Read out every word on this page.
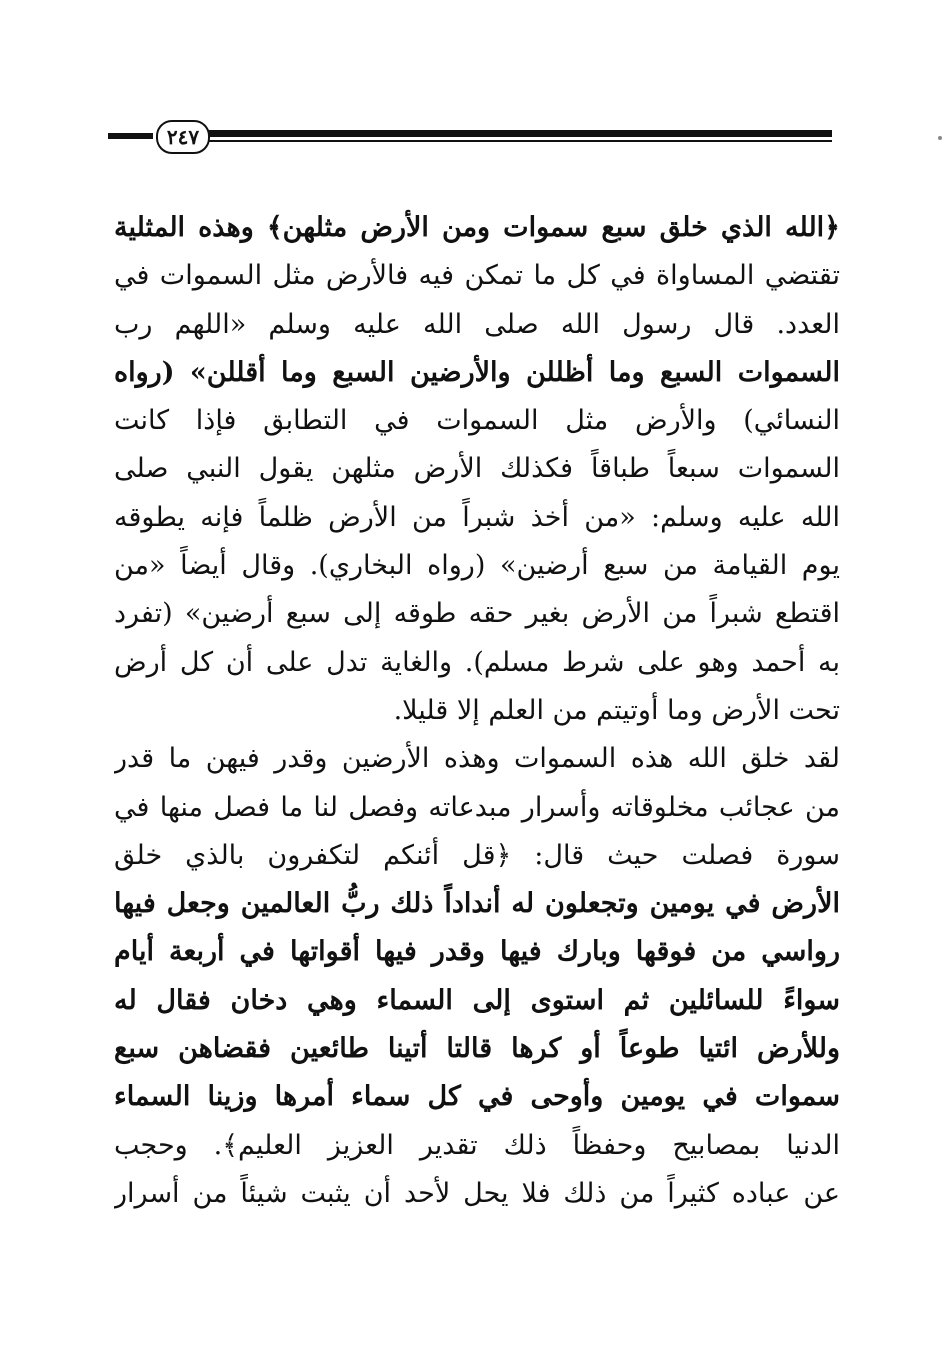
٢٤٧
﴿الله الذي خلق سبع سموات ومن الأرض مثلهن﴾ وهذه المثلية
تقتضي المساواة في كل ما تمكن فيه فالأرض مثل السموات في
العدد. قال رسول الله صلى الله عليه وسلم «اللهم رب
السموات السبع وما أظللن والأرضين السبع وما أقللن» (رواه
النسائي) والأرض مثل السموات في التطابق فإذا كانت
السموات سبعاً طباقاً فكذلك الأرض مثلهن يقول النبي صلى
الله عليه وسلم: «من أخذ شبراً من الأرض ظلماً فإنه يطوقه
يوم القيامة من سبع أرضين» (رواه البخاري). وقال أيضاً «من
اقتطع شبراً من الأرض بغير حقه طوقه إلى سبع أرضين» (تفرد
به أحمد وهو على شرط مسلم). والغاية تدل على أن كل أرض
تحت الأرض وما أوتيتم من العلم إلا قليلا.
لقد خلق الله هذه السموات وهذه الأرضين وقدر فيهن ما قدر
من عجائب مخلوقاته وأسرار مبدعاته وفصل لنا ما فصل منها في
سورة فصلت حيث قال: ﴿قل أئنكم لتكفرون بالذي خلق
الأرض في يومين وتجعلون له أنداداً ذلك ربُّ العالمين وجعل فيها
رواسي من فوقها وبارك فيها وقدر فيها أقواتها في أربعة أيام
سواءً للسائلين ثم استوى إلى السماء وهي دخان فقال له
وللأرض ائتيا طوعاً أو كرها قالتا أتينا طائعين فقضاهن سبع
سموات في يومين وأوحى في كل سماء أمرها وزينا السماء
الدنيا بمصابيح وحفظاً ذلك تقدير العزيز العليم﴾. وحجب
عن عباده كثيراً من ذلك فلا يحل لأحد أن يثبت شيئاً من أسرار
